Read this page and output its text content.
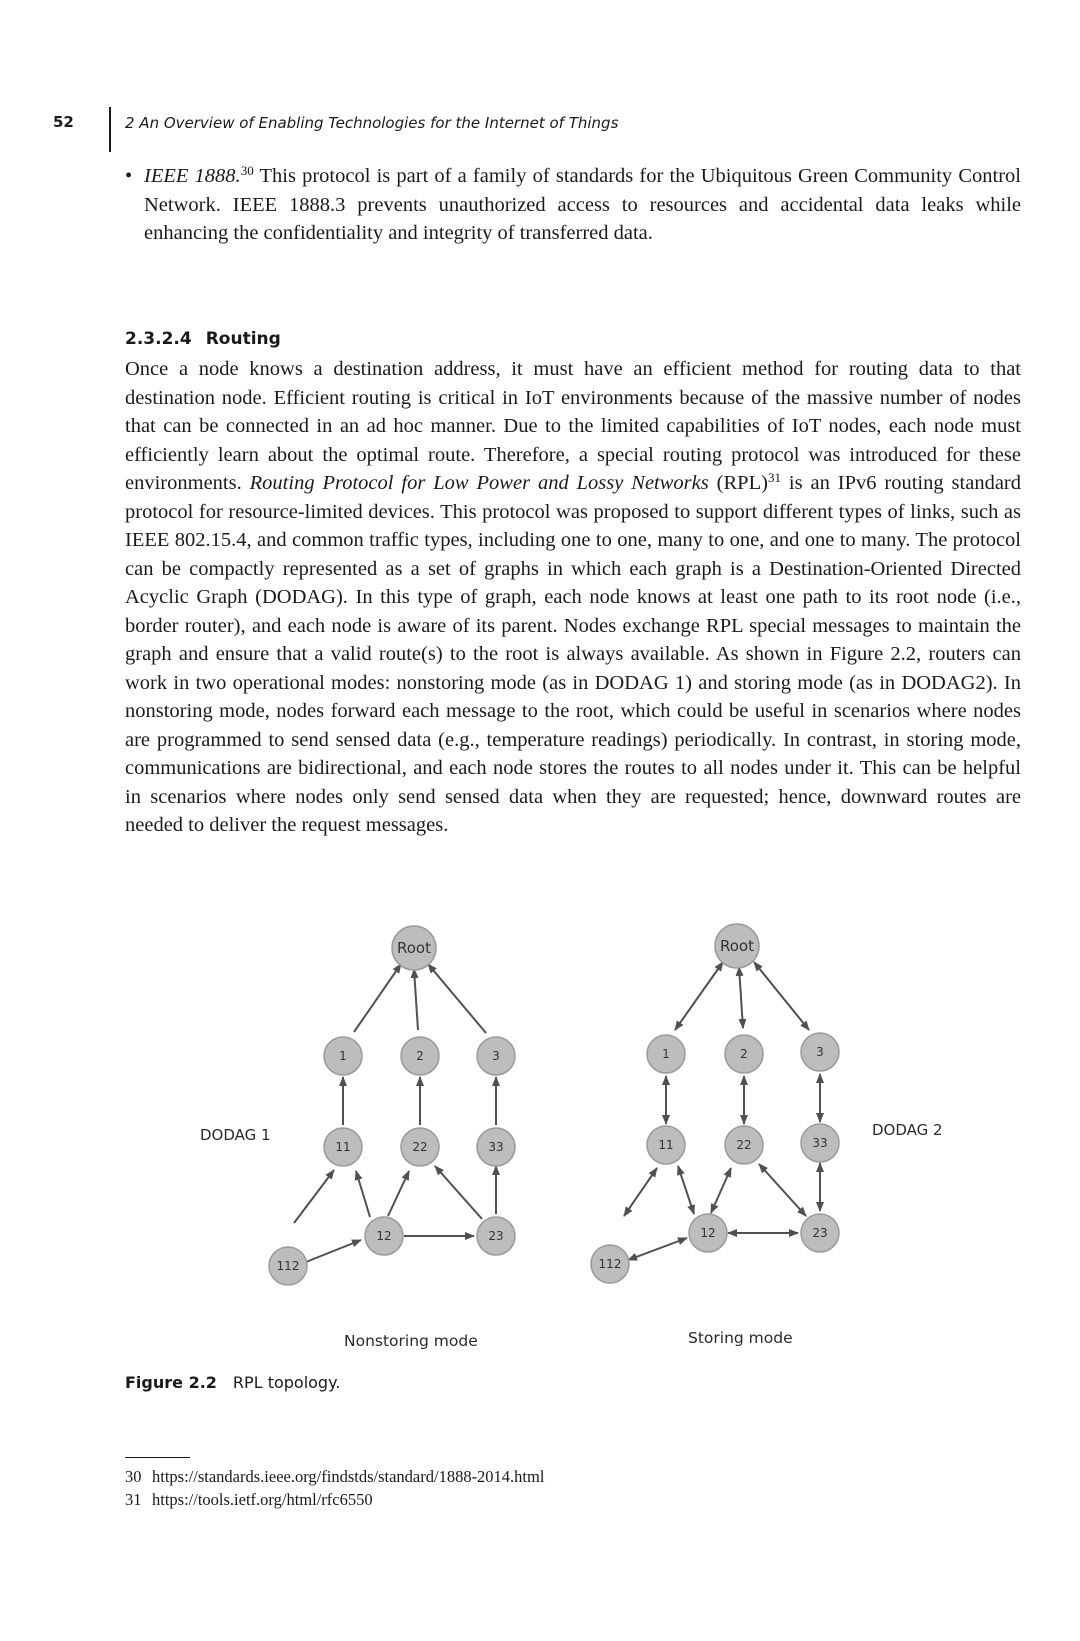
52	2 An Overview of Enabling Technologies for the Internet of Things
• IEEE 1888.30 This protocol is part of a family of standards for the Ubiquitous Green Community Control Network. IEEE 1888.3 prevents unauthorized access to resources and accidental data leaks while enhancing the confidentiality and integrity of transferred data.
2.3.2.4 Routing

Once a node knows a destination address, it must have an efficient method for routing data to that destination node. Efficient routing is critical in IoT environments because of the massive number of nodes that can be connected in an ad hoc manner. Due to the limited capabilities of IoT nodes, each node must efficiently learn about the optimal route. Therefore, a special routing protocol was introduced for these environments. Routing Protocol for Low Power and Lossy Networks (RPL)$^{31}$ is an IPv6 routing standard protocol for resource-limited devices. This protocol was proposed to support different types of links, such as IEEE 802.15.4, and common traffic types, including one to one, many to one, and one to many. The protocol can be compactly represented as a set of graphs in which each graph is a Destination-Oriented Directed Acyclic Graph (DODAG). In this type of graph, each node knows at least one path to its root node (i.e., border router), and each node is aware of its parent. Nodes exchange RPL special messages to maintain the graph and ensure that a valid route(s) to the root is always available. As shown in Figure 2.2, routers can work in two operational modes: nonstoring mode (as in DODAG 1) and storing mode (as in DODAG2). In nonstoring mode, nodes forward each message to the root, which could be useful in scenarios where nodes are programmed to send sensed data (e.g., temperature readings) periodically. In contrast, in storing mode, communications are bidirectional, and each node stores the routes to all nodes under it. This can be helpful in scenarios where nodes only send sensed data when they are requested; hence, downward routes are needed to deliver the request messages.

Root
1	2	3
11	22	33
12	23
112
DODAG 1
Nonstoring mode
Root
1	2	3
11	22	33
12	23
112
DODAG 2
Storing mode
Figure 2.2 RPL topology.
30 https://standards.ieee.org/findstds/standard/1888-2014.html
31 https://tools.ietf.org/html/rfc6550
